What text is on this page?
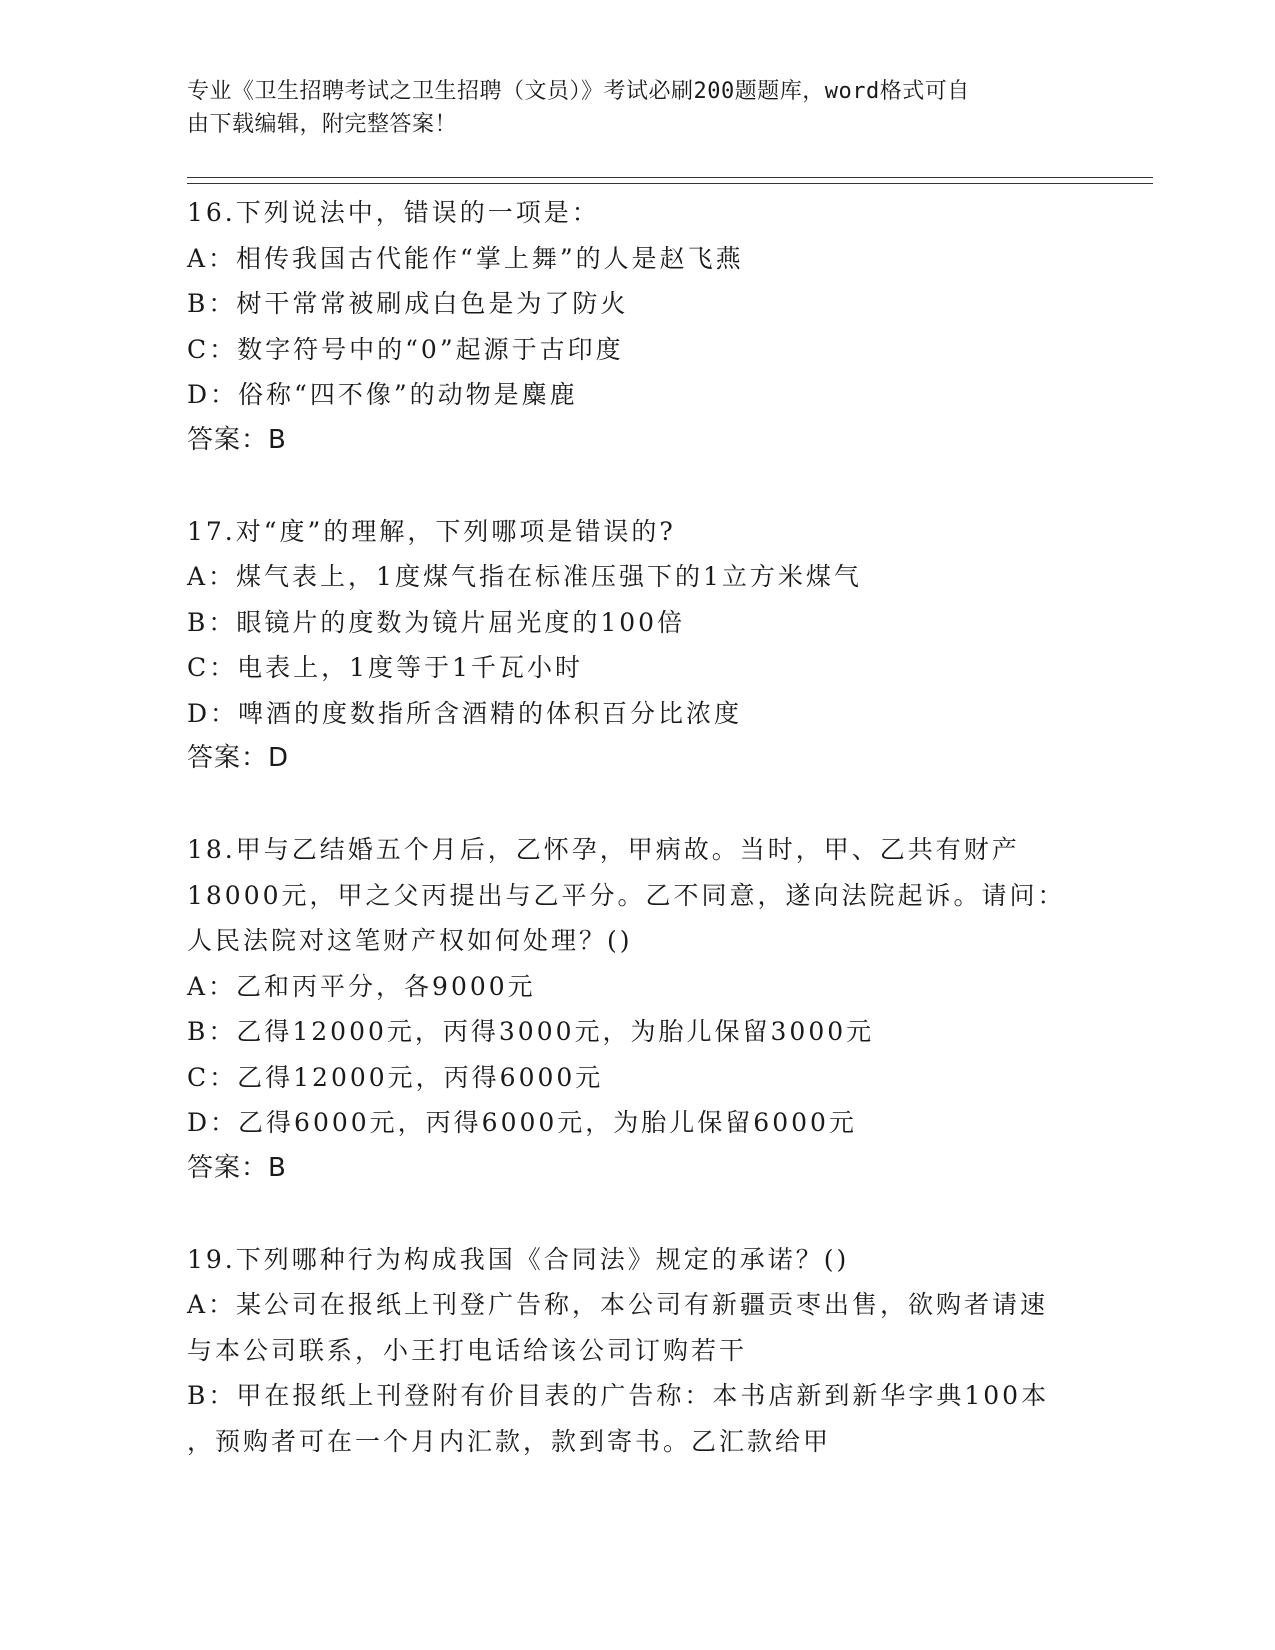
专业《卫生招聘考试之卫生招聘（文员）》考试必刷200题题库，word格式可自
由下载编辑，附完整答案！
16.下列说法中，错误的一项是：
A：相传我国古代能作“掌上舞”的人是赵飞燕
B：树干常常被刷成白色是为了防火
C：数字符号中的“0”起源于古印度
D：俗称“四不像”的动物是麋鹿
答案：B
17.对“度”的理解，下列哪项是错误的?
A：煤气表上，1度煤气指在标准压强下的1立方米煤气
B：眼镜片的度数为镜片屈光度的100倍
C：电表上，1度等于1千瓦小时
D：啤酒的度数指所含酒精的体积百分比浓度
答案：D
18.甲与乙结婚五个月后，乙怀孕，甲病故。当时，甲、乙共有财产
18000元，甲之父丙提出与乙平分。乙不同意，遂向法院起诉。请问：
人民法院对这笔财产权如何处理？()
A：乙和丙平分，各9000元
B：乙得12000元，丙得3000元，为胎儿保留3000元
C：乙得12000元，丙得6000元
D：乙得6000元，丙得6000元，为胎儿保留6000元
答案：B
19.下列哪种行为构成我国《合同法》规定的承诺？()
A：某公司在报纸上刊登广告称，本公司有新疆贡枣出售，欲购者请速
与本公司联系，小王打电话给该公司订购若干
B：甲在报纸上刊登附有价目表的广告称：本书店新到新华字典100本
，预购者可在一个月内汇款，款到寄书。乙汇款给甲
